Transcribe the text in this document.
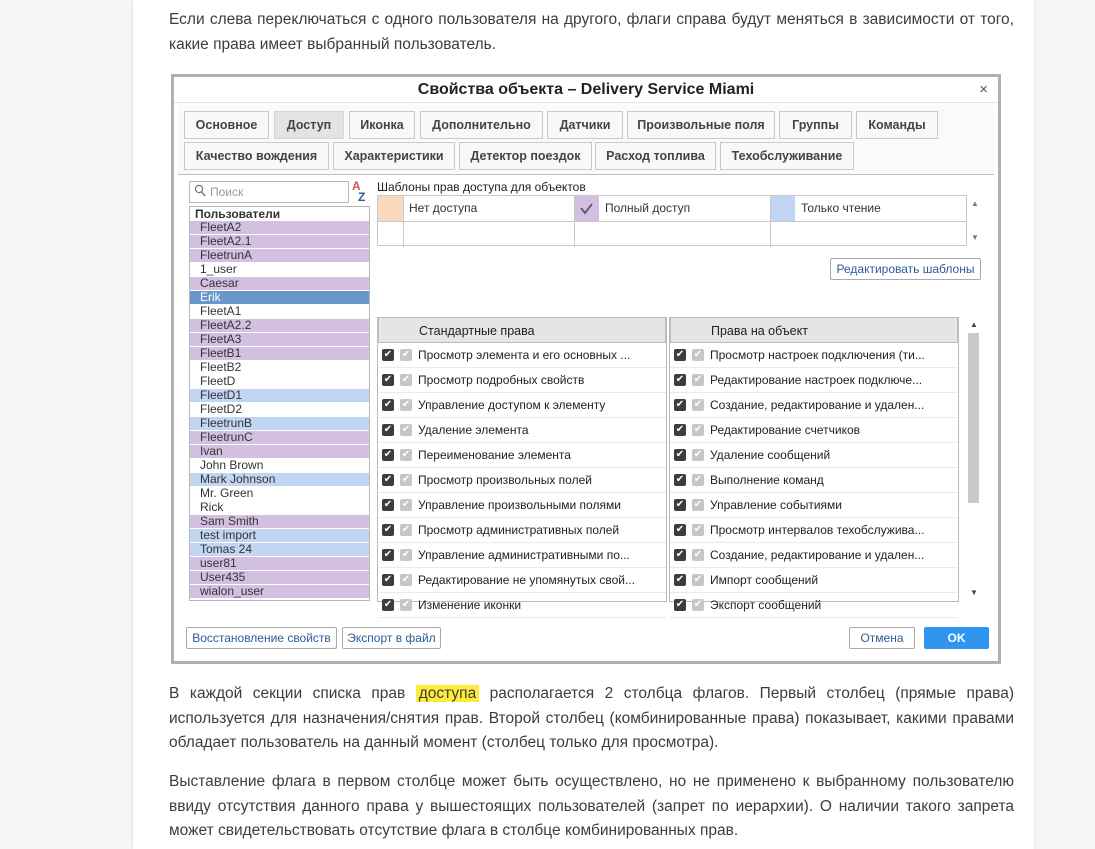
Если слева переключаться с одного пользователя на другого, флаги справа будут меняться в зависимости от того, какие права имеет выбранный пользователь.

Свойства объекта – Delivery Service Miami	×
Основное	Доступ	Иконка	Дополнительно	Датчики	Произвольные поля	Группы	Команды
Качество вождения	Характеристики	Детектор поездок	Расход топлива	Техобслуживание
Поиск	A
Z
Пользователи
FleetA2
FleetA2.1
FleetrunA
1_user
Caesar
Erik
FleetA1
FleetA2.2
FleetA3
FleetB1
FleetB2
FleetD
FleetD1
FleetD2
FleetrunB
FleetrunC
Ivan
John Brown
Mark Johnson
Mr. Green
Rick
Sam Smith
test import
Tomas 24
user81
User435
wialon_user
Шаблоны прав доступа для объектов
Нет доступа	Полный доступ	Только чтение	▲
▼
Редактировать шаблоны
Стандартные права
✔ ✔ Просмотр элемента и его основных ...
✔ ✔ Просмотр подробных свойств
✔ ✔ Управление доступом к элементу
✔ ✔ Удаление элемента
✔ ✔ Переименование элемента
✔ ✔ Просмотр произвольных полей
✔ ✔ Управление произвольными полями
✔ ✔ Просмотр административных полей
✔ ✔ Управление административными по...
✔ ✔ Редактирование не упомянутых свой...
✔ ✔ Изменение иконки
Права на объект
✔ ✔ Просмотр настроек подключения (ти...
✔ ✔ Редактирование настроек подключе...
✔ ✔ Создание, редактирование и удален...
✔ ✔ Редактирование счетчиков
✔ ✔ Удаление сообщений
✔ ✔ Выполнение команд
✔ ✔ Управление событиями
✔ ✔ Просмотр интервалов техобслужива...
✔ ✔ Создание, редактирование и удален...
✔ ✔ Импорт сообщений
✔ ✔ Экспорт сообщений
▲
▼
Восстановление свойств	Экспорт в файл	Отмена	OK

В каждой секции списка прав доступа располагается 2 столбца флагов. Первый столбец (прямые права) используется для назначения/снятия прав. Второй столбец (комбинированные права) показывает, какими правами обладает пользователь на данный момент (столбец только для просмотра).

Выставление флага в первом столбце может быть осуществлено, но не применено к выбранному пользователю ввиду отсутствия данного права у вышестоящих пользователей (запрет по иерархии). О наличии такого запрета может свидетельствовать отсутствие флага в столбце комбинированных прав.
